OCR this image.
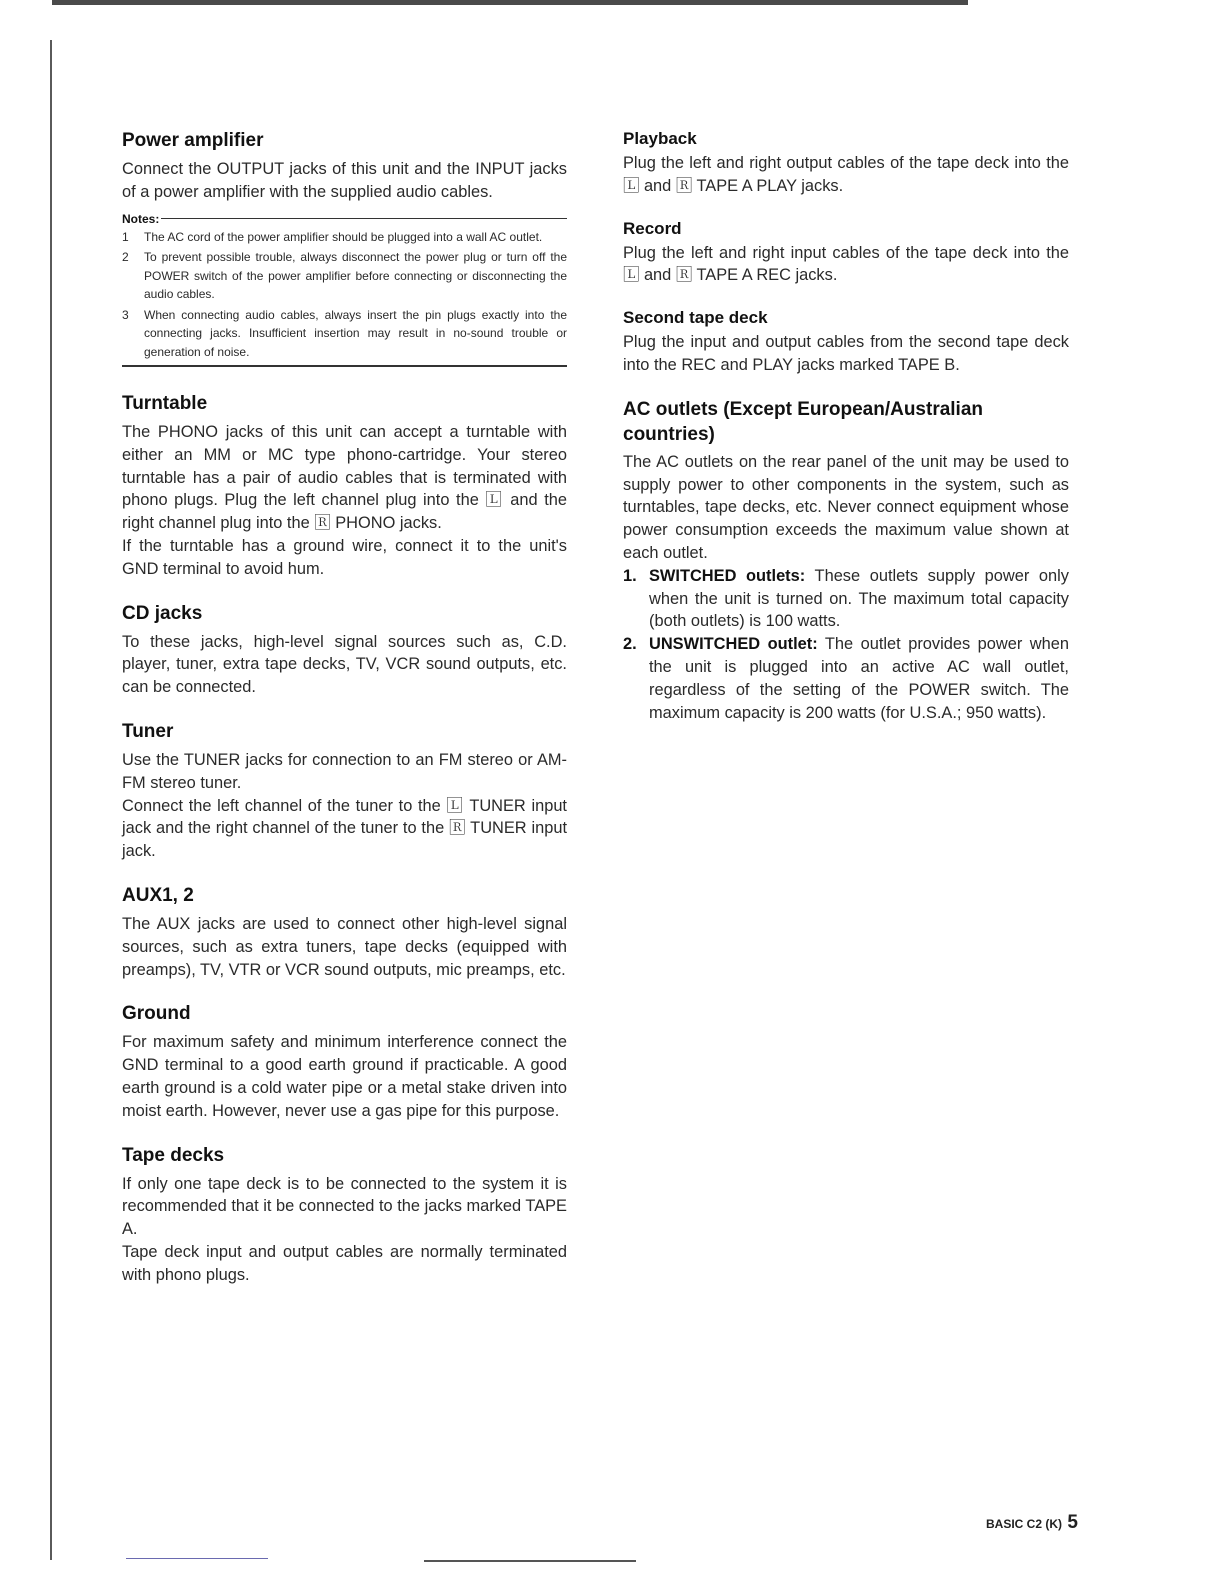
Power amplifier

Connect the OUTPUT jacks of this unit and the INPUT jacks of a power amplifier with the supplied audio cables.

Notes:
1	The AC cord of the power amplifier should be plugged into a wall AC outlet.
2	To prevent possible trouble, always disconnect the power plug or turn off the POWER switch of the power amplifier before connecting or disconnecting the audio cables.
3	When connecting audio cables, always insert the pin plugs exactly into the connecting jacks. Insufficient insertion may result in no-sound trouble or generation of noise.
Turntable

The PHONO jacks of this unit can accept a turntable with either an MM or MC type phono-cartridge. Your stereo turntable has a pair of audio cables that is terminated with phono plugs. Plug the left channel plug into the 🄻 and the right channel plug into the 🅁 PHONO jacks.

If the turntable has a ground wire, connect it to the unit's GND terminal to avoid hum.

CD jacks

To these jacks, high-level signal sources such as, C.D. player, tuner, extra tape decks, TV, VCR sound outputs, etc. can be connected.

Tuner

Use the TUNER jacks for connection to an FM stereo or AM-FM stereo tuner.

Connect the left channel of the tuner to the 🄻 TUNER input jack and the right channel of the tuner to the 🅁 TUNER input jack.

AUX1, 2

The AUX jacks are used to connect other high-level signal sources, such as extra tuners, tape decks (equipped with preamps), TV, VTR or VCR sound outputs, mic preamps, etc.

Ground

For maximum safety and minimum interference connect the GND terminal to a good earth ground if practicable. A good earth ground is a cold water pipe or a metal stake driven into moist earth. However, never use a gas pipe for this purpose.

Tape decks

If only one tape deck is to be connected to the system it is recommended that it be connected to the jacks marked TAPE A.

Tape deck input and output cables are normally terminated with phono plugs.

Playback

Plug the left and right output cables of the tape deck into the 🄻 and 🅁 TAPE A PLAY jacks.

Record

Plug the left and right input cables of the tape deck into the 🄻 and 🅁 TAPE A REC jacks.

Second tape deck

Plug the input and output cables from the second tape deck into the REC and PLAY jacks marked TAPE B.

AC outlets (Except European/Australian countries)

The AC outlets on the rear panel of the unit may be used to supply power to other components in the system, such as turntables, tape decks, etc. Never connect equipment whose power consumption exceeds the maximum value shown at each outlet.

1. SWITCHED outlets: These outlets supply power only when the unit is turned on. The maximum total capacity (both outlets) is 100 watts.
2. UNSWITCHED outlet: The outlet provides power when the unit is plugged into an active AC wall outlet, regardless of the setting of the POWER switch. The maximum capacity is 200 watts (for U.S.A.; 950 watts).
BASIC C2 (K) 5
